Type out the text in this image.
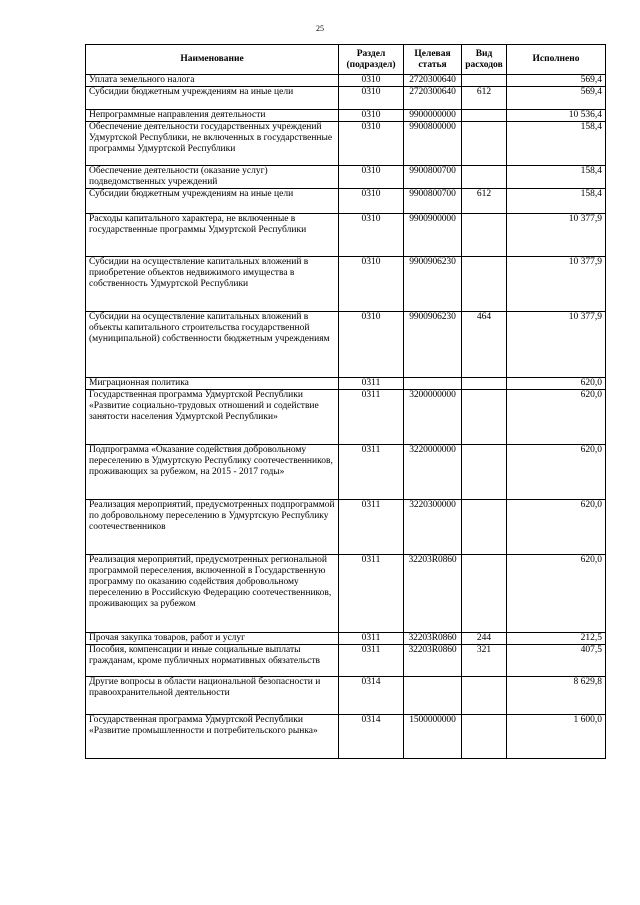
25
Наименование	Раздел (подраздел)	Целевая статья	Вид расходов	Исполнено
Уплата земельного налога	0310	2720300640		569,4
Субсидии бюджетным учреждениям на иные цели	0310	2720300640	612	569,4
Непрограммные направления деятельности	0310	9900000000		10 536,4
Обеспечение деятельности государственных учреждений Удмуртской Республики, не включенных в государственные программы Удмуртской Республики	0310	9900800000		158,4
Обеспечение деятельности (оказание услуг) подведомственных учреждений	0310	9900800700		158,4
Субсидии бюджетным учреждениям на иные цели	0310	9900800700	612	158,4
Расходы капитального характера, не включенные в государственные программы Удмуртской Республики	0310	9900900000		10 377,9
Субсидии на осуществление капитальных вложений в приобретение объектов недвижимого имущества в собственность Удмуртской Республики	0310	9900906230		10 377,9
Субсидии на осуществление капитальных вложений в объекты капитального строительства государственной (муниципальной) собственности бюджетным учреждениям	0310	9900906230	464	10 377,9
Миграционная политика	0311			620,0
Государственная программа Удмуртской Республики «Развитие социально-трудовых отношений и содействие занятости населения Удмуртской Республики»	0311	3200000000		620,0
Подпрограмма «Оказание содействия добровольному переселению в Удмуртскую Республику соотечественников, проживающих за рубежом, на 2015 - 2017 годы»	0311	3220000000		620,0
Реализация мероприятий, предусмотренных подпрограммой по добровольному переселению в Удмуртскую Республику соотечественников	0311	3220300000		620,0
Реализация мероприятий, предусмотренных региональной программой переселения, включенной в Государственную программу по оказанию содействия добровольному переселению в Российскую Федерацию соотечественников, проживающих за рубежом	0311	32203R0860		620,0
Прочая закупка товаров, работ и услуг	0311	32203R0860	244	212,5
Пособия, компенсации и иные социальные выплаты гражданам, кроме публичных нормативных обязательств	0311	32203R0860	321	407,5
Другие вопросы в области национальной безопасности и правоохранительной деятельности	0314			8 629,8
Государственная программа Удмуртской Республики «Развитие промышленности и потребительского рынка»	0314	1500000000		1 600,0
